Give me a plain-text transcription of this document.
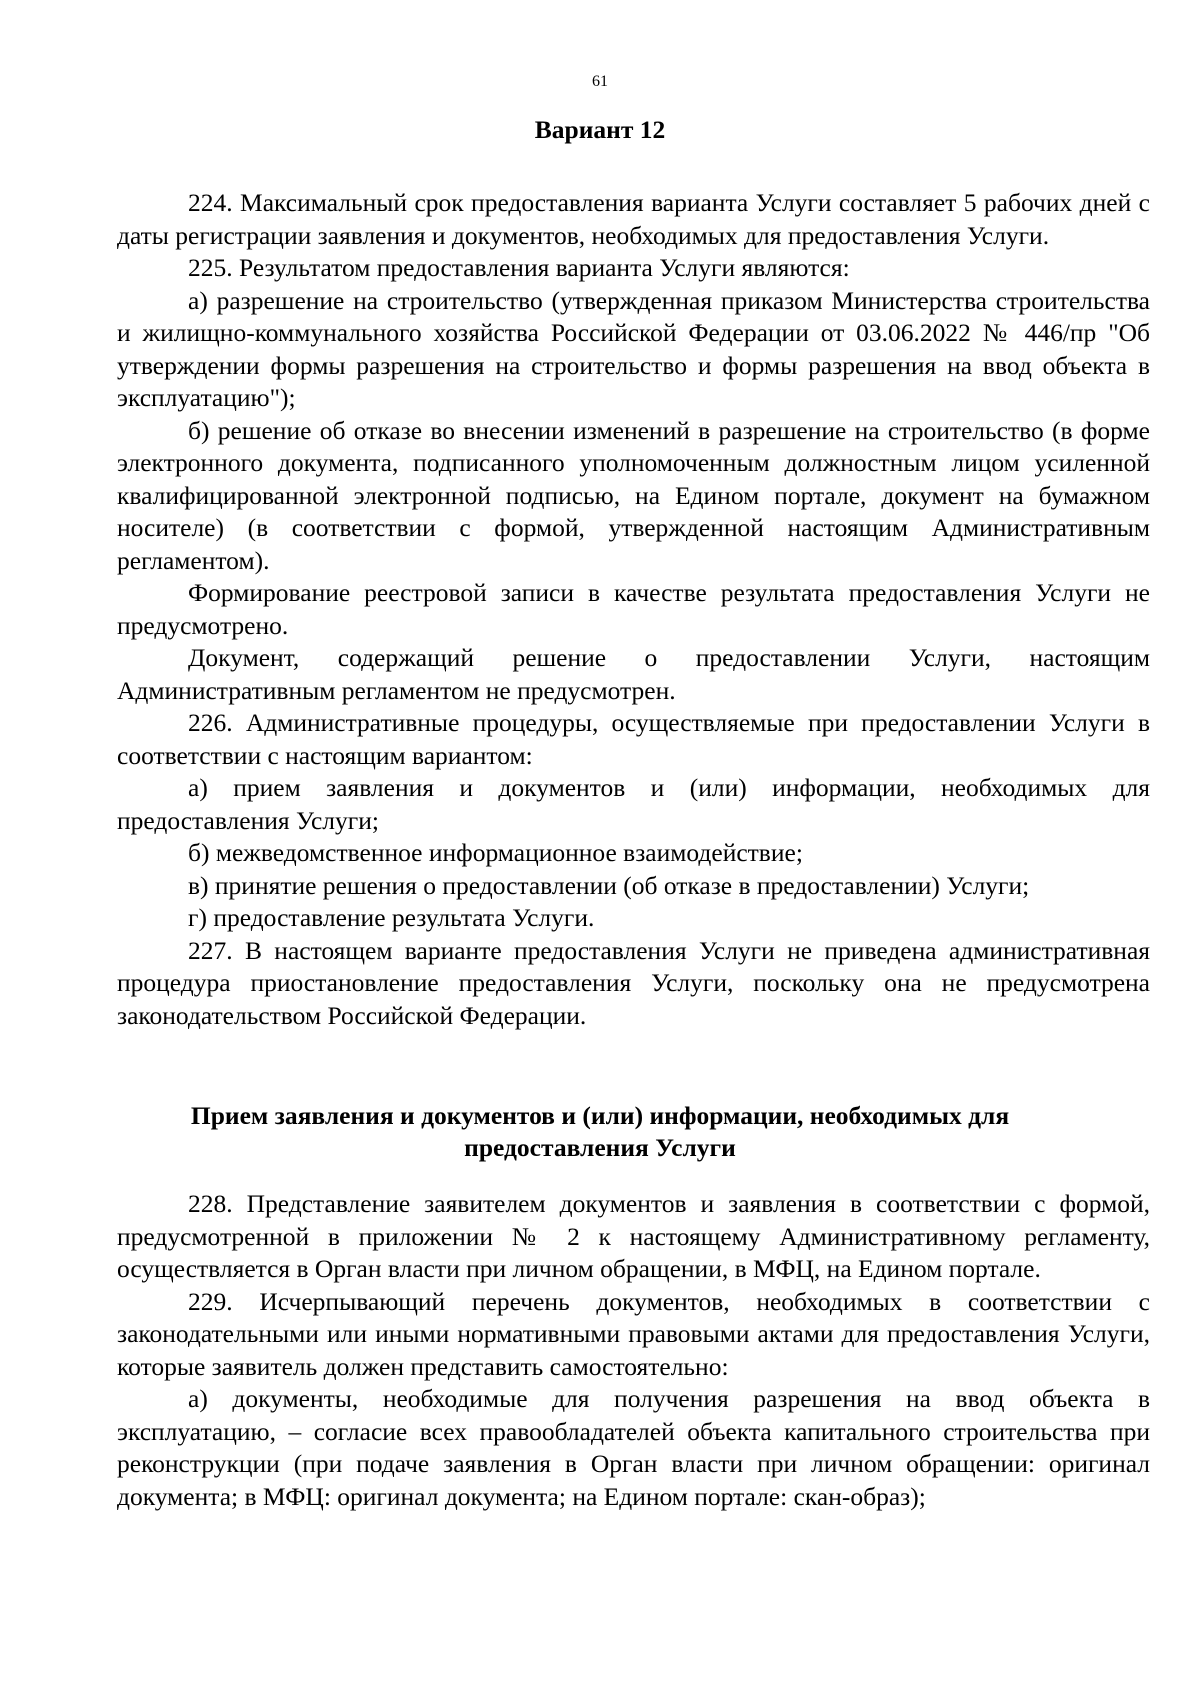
61
Вариант 12

224. Максимальный срок предоставления варианта Услуги составляет 5 рабочих дней с даты регистрации заявления и документов, необходимых для предоставления Услуги.

225. Результатом предоставления варианта Услуги являются:

а) разрешение на строительство (утвержденная приказом Министерства строительства и жилищно-коммунального хозяйства Российской Федерации от 03.06.2022 № 446/пр "Об утверждении формы разрешения на строительство и формы разрешения на ввод объекта в эксплуатацию");

б) решение об отказе во внесении изменений в разрешение на строительство (в форме электронного документа, подписанного уполномоченным должностным лицом усиленной квалифицированной электронной подписью, на Едином портале, документ на бумажном носителе) (в соответствии с формой, утвержденной настоящим Административным регламентом).

Формирование реестровой записи в качестве результата предоставления Услуги не предусмотрено.

Документ, содержащий решение о предоставлении Услуги, настоящим Административным регламентом не предусмотрен.

226. Административные процедуры, осуществляемые при предоставлении Услуги в соответствии с настоящим вариантом:

а) прием заявления и документов и (или) информации, необходимых для предоставления Услуги;

б) межведомственное информационное взаимодействие;

в) принятие решения о предоставлении (об отказе в предоставлении) Услуги;

г) предоставление результата Услуги.

227. В настоящем варианте предоставления Услуги не приведена административная процедура приостановление предоставления Услуги, поскольку она не предусмотрена законодательством Российской Федерации.

Прием заявления и документов и (или) информации, необходимых для
предоставления Услуги

228. Представление заявителем документов и заявления в соответствии с формой, предусмотренной в приложении № 2 к настоящему Административному регламенту, осуществляется в Орган власти при личном обращении, в МФЦ, на Едином портале.

229. Исчерпывающий перечень документов, необходимых в соответствии с законодательными или иными нормативными правовыми актами для предоставления Услуги, которые заявитель должен представить самостоятельно:

а) документы, необходимые для получения разрешения на ввод объекта в эксплуатацию, – согласие всех правообладателей объекта капитального строительства при реконструкции (при подаче заявления в Орган власти при личном обращении: оригинал документа; в МФЦ: оригинал документа; на Едином портале: скан-образ);
